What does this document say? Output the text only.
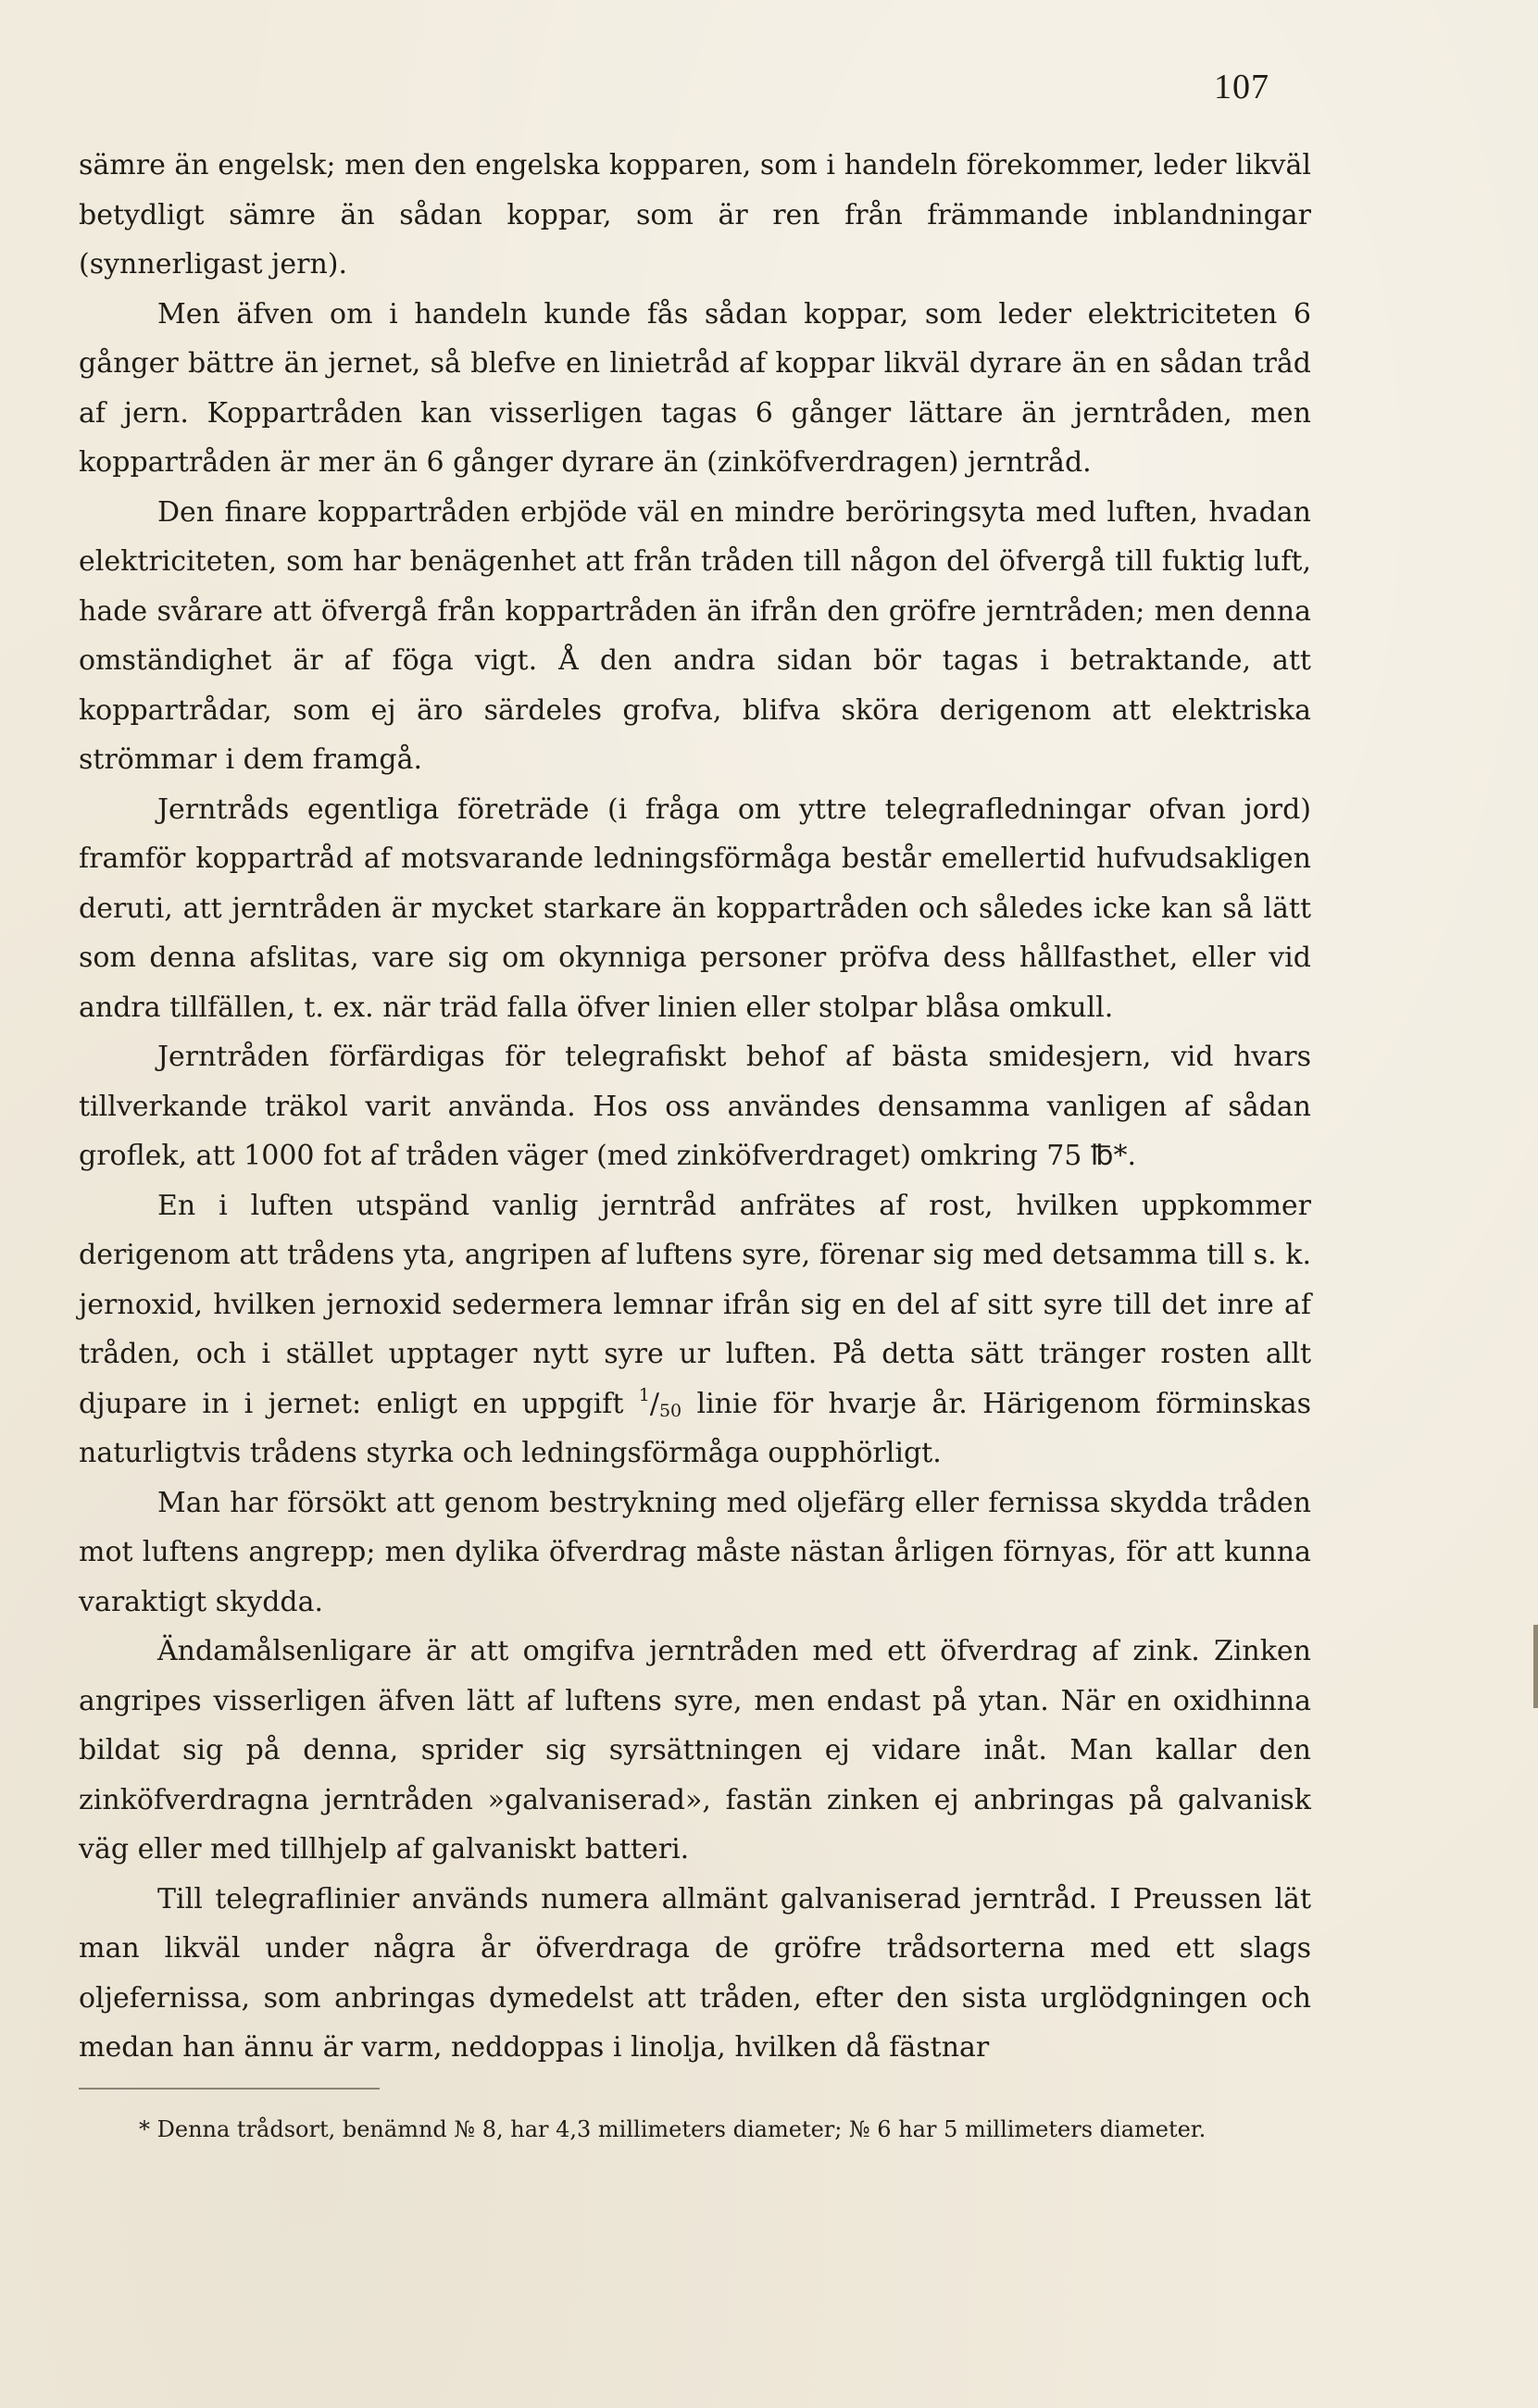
107

sämre än engelsk; men den engelska kopparen, som i handeln förekommer, leder likväl betydligt sämre än sådan koppar, som är ren från främmande inblandningar (synnerligast jern).

Men äfven om i handeln kunde fås sådan koppar, som leder elektriciteten 6 gånger bättre än jernet, så blefve en linietråd af koppar likväl dyrare än en sådan tråd af jern. Koppartråden kan visserligen tagas 6 gånger lättare än jerntråden, men koppartråden är mer än 6 gånger dyrare än (zinköfverdragen) jerntråd.

Den finare koppartråden erbjöde väl en mindre beröringsyta med luften, hvadan elektriciteten, som har benägenhet att från tråden till någon del öfvergå till fuktig luft, hade svårare att öfvergå från koppartråden än ifrån den gröfre jerntråden; men denna omständighet är af föga vigt. Å den andra sidan bör tagas i betraktande, att koppartrådar, som ej äro särdeles grofva, blifva sköra derigenom att elektriska strömmar i dem framgå.

Jerntråds egentliga företräde (i fråga om yttre telegrafledningar ofvan jord) framför koppartråd af motsvarande ledningsförmåga består emellertid hufvudsakligen deruti, att jerntråden är mycket starkare än koppartråden och således icke kan så lätt som denna afslitas, vare sig om okynniga personer pröfva dess hållfasthet, eller vid andra tillfällen, t. ex. när träd falla öfver linien eller stolpar blåsa omkull.

Jerntråden förfärdigas för telegrafiskt behof af bästa smidesjern, vid hvars tillverkande träkol varit använda. Hos oss användes densamma vanligen af sådan groflek, att 1000 fot af tråden väger (med zinköfverdraget) omkring 75 ℔*.

En i luften utspänd vanlig jerntråd anfrätes af rost, hvilken uppkommer derigenom att trådens yta, angripen af luftens syre, förenar sig med detsamma till s. k. jernoxid, hvilken jernoxid sedermera lemnar ifrån sig en del af sitt syre till det inre af tråden, och i stället upptager nytt syre ur luften. På detta sätt tränger rosten allt djupare in i jernet: enligt en uppgift $^1/_{50}$ linie för hvarje år. Härigenom förminskas naturligtvis trådens styrka och ledningsförmåga oupphörligt.

Man har försökt att genom bestrykning med oljefärg eller fernissa skydda tråden mot luftens angrepp; men dylika öfverdrag måste nästan årligen förnyas, för att kunna varaktigt skydda.

Ändamålsenligare är att omgifva jerntråden med ett öfverdrag af zink. Zinken angripes visserligen äfven lätt af luftens syre, men endast på ytan. När en oxidhinna bildat sig på denna, sprider sig syrsättningen ej vidare inåt. Man kallar den zinköfverdragna jerntråden »galvaniserad», fastän zinken ej anbringas på galvanisk väg eller med tillhjelp af galvaniskt batteri.

Till telegraflinier används numera allmänt galvaniserad jerntråd. I Preussen lät man likväl under några år öfverdraga de gröfre trådsorterna med ett slags oljefernissa, som anbringas dymedelst att tråden, efter den sista urglödgningen och medan han ännu är varm, neddoppas i linolja, hvilken då fästnar

* Denna trådsort, benämnd № 8, har 4,3 millimeters diameter; № 6 har 5 millimeters diameter.
